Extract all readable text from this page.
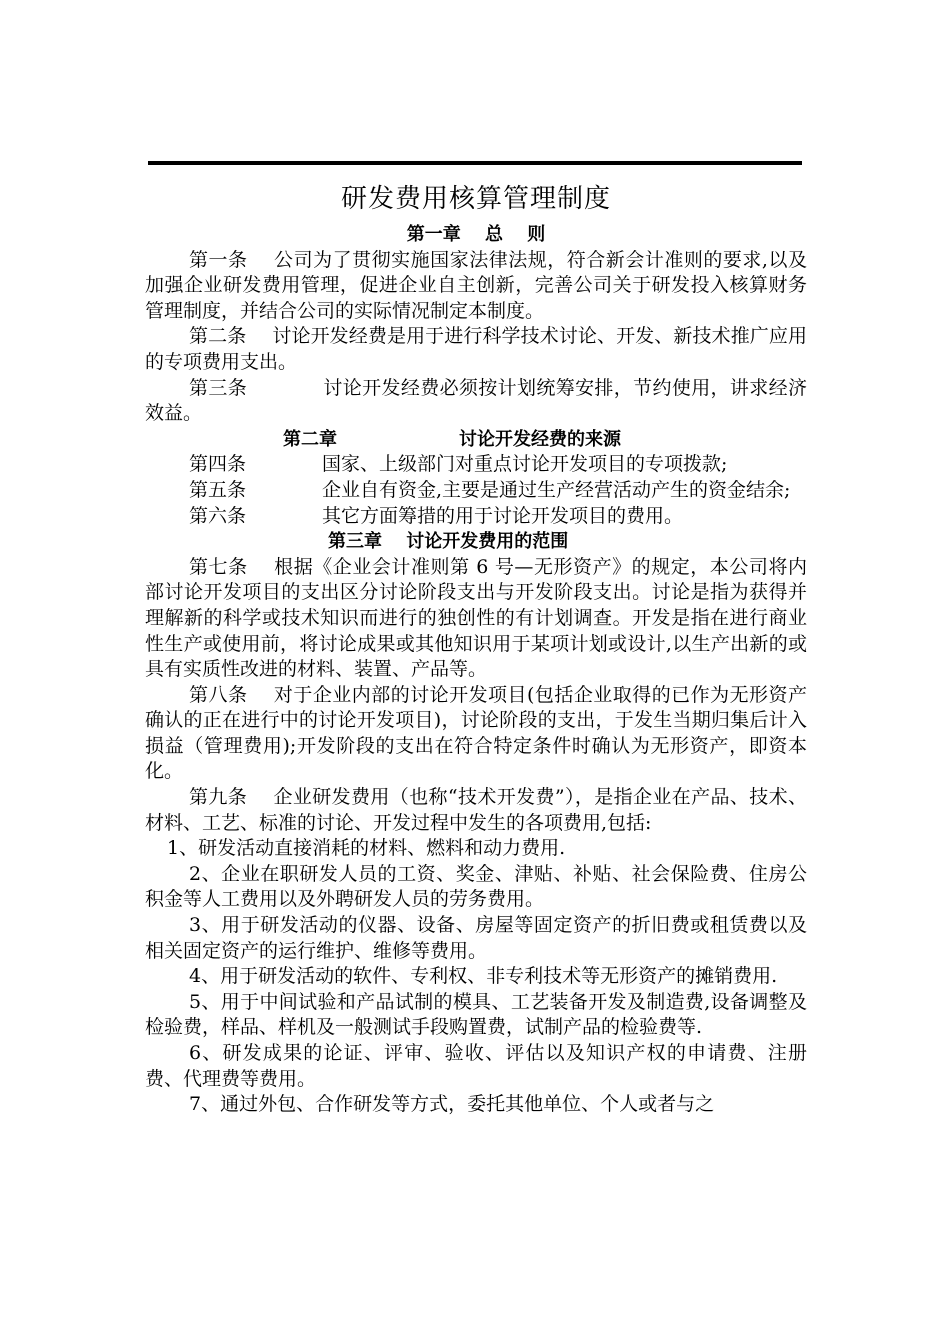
研发费用核算管理制度

第一章　 总　 则

第一条 公司为了贯彻实施国家法律法规，符合新会计准则的要求,以及加强企业研发费用管理，促进企业自主创新，完善公司关于研发投入核算财务管理制度，并结合公司的实际情况制定本制度。

第二条 讨论开发经费是用于进行科学技术讨论、开发、新技术推广应用的专项费用支出。

第三条	讨论开发经费必须按计划统筹安排，节约使用，讲求经济效益。

第二章	讨论开发经费的来源

第四条	国家、上级部门对重点讨论开发项目的专项拨款;

第五条	企业自有资金,主要是通过生产经营活动产生的资金结余;

第六条	其它方面筹措的用于讨论开发项目的费用。

第三章　 讨论开发费用的范围

第七条 根据《企业会计准则第 6 号—无形资产》的规定，本公司将内部讨论开发项目的支出区分讨论阶段支出与开发阶段支出。讨论是指为获得并理解新的科学或技术知识而进行的独创性的有计划调查。开发是指在进行商业性生产或使用前，将讨论成果或其他知识用于某项计划或设计,以生产出新的或具有实质性改进的材料、装置、产品等。

第八条 对于企业内部的讨论开发项目(包括企业取得的已作为无形资产确认的正在进行中的讨论开发项目)，讨论阶段的支出，于发生当期归集后计入损益（管理费用);开发阶段的支出在符合特定条件时确认为无形资产，即资本化。

第九条 企业研发费用（也称“技术开发费”），是指企业在产品、技术、材料、工艺、标准的讨论、开发过程中发生的各项费用,包括:

1、研发活动直接消耗的材料、燃料和动力费用.

2、企业在职研发人员的工资、奖金、津贴、补贴、社会保险费、住房公积金等人工费用以及外聘研发人员的劳务费用。

3、用于研发活动的仪器、设备、房屋等固定资产的折旧费或租赁费以及相关固定资产的运行维护、维修等费用。

4、用于研发活动的软件、专利权、非专利技术等无形资产的摊销费用.

5、用于中间试验和产品试制的模具、工艺装备开发及制造费,设备调整及检验费，样品、样机及一般测试手段购置费，试制产品的检验费等.

6、研发成果的论证、评审、验收、评估以及知识产权的申请费、注册费、代理费等费用。

7、通过外包、合作研发等方式，委托其他单位、个人或者与之
